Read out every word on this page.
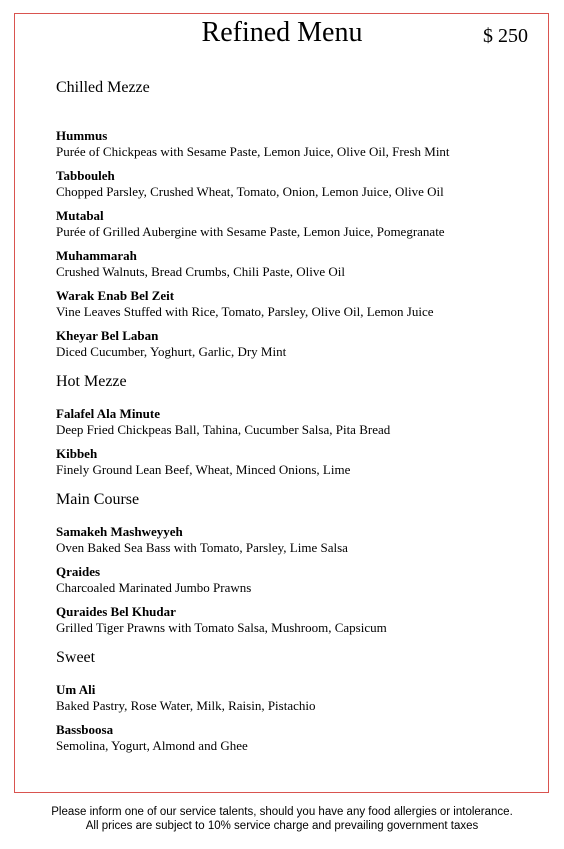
Refined Menu	$ 250
Chilled Mezze
Hummus
Purée of Chickpeas with Sesame Paste, Lemon Juice, Olive Oil, Fresh Mint
Tabbouleh
Chopped Parsley, Crushed Wheat, Tomato, Onion, Lemon Juice, Olive Oil
Mutabal
Purée of Grilled Aubergine with Sesame Paste, Lemon Juice, Pomegranate
Muhammarah
Crushed Walnuts, Bread Crumbs, Chili Paste, Olive Oil
Warak Enab Bel Zeit
Vine Leaves Stuffed with Rice, Tomato, Parsley, Olive Oil, Lemon Juice
Kheyar Bel Laban
Diced Cucumber, Yoghurt, Garlic, Dry Mint
Hot Mezze
Falafel Ala Minute
Deep Fried Chickpeas Ball, Tahina, Cucumber Salsa, Pita Bread
Kibbeh
Finely Ground Lean Beef, Wheat, Minced Onions, Lime
Main Course
Samakeh Mashweyyeh
Oven Baked Sea Bass with Tomato, Parsley, Lime Salsa
Qraides
Charcoaled Marinated Jumbo Prawns
Quraides Bel Khudar
Grilled Tiger Prawns with Tomato Salsa, Mushroom, Capsicum
Sweet
Um Ali
Baked Pastry, Rose Water, Milk, Raisin, Pistachio
Bassboosa
Semolina, Yogurt, Almond and Ghee
Please inform one of our service talents, should you have any food allergies or intolerance.
All prices are subject to 10% service charge and prevailing government taxes
